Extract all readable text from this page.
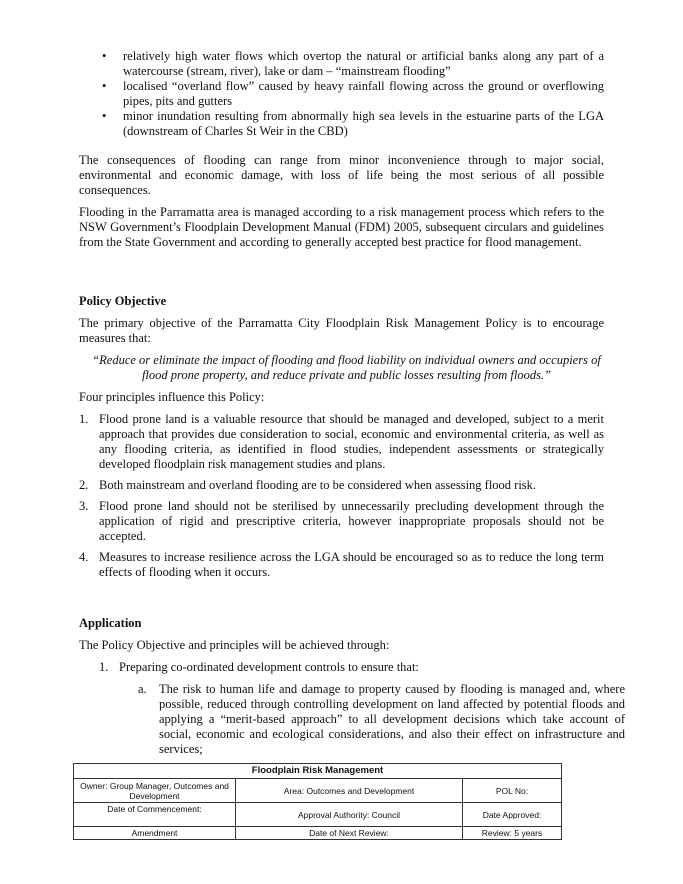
• relatively high water flows which overtop the natural or artificial banks along any part of a watercourse (stream, river), lake or dam – “mainstream flooding”
• localised “overland flow” caused by heavy rainfall flowing across the ground or overflowing pipes, pits and gutters
• minor inundation resulting from abnormally high sea levels in the estuarine parts of the LGA (downstream of Charles St Weir in the CBD)

The consequences of flooding can range from minor inconvenience through to major social, environmental and economic damage, with loss of life being the most serious of all possible consequences.

Flooding in the Parramatta area is managed according to a risk management process which refers to the NSW Government’s Floodplain Development Manual (FDM) 2005, subsequent circulars and guidelines from the State Government and according to generally accepted best practice for flood management.

Policy Objective

The primary objective of the Parramatta City Floodplain Risk Management Policy is to encourage measures that:

“Reduce or eliminate the impact of flooding and flood liability on individual owners and occupiers of flood prone property, and reduce private and public losses resulting from floods.”

Four principles influence this Policy:

1. Flood prone land is a valuable resource that should be managed and developed, subject to a merit approach that provides due consideration to social, economic and environmental criteria, as well as any flooding criteria, as identified in flood studies, independent assessments or strategically developed floodplain risk management studies and plans.
2. Both mainstream and overland flooding are to be considered when assessing flood risk.
3. Flood prone land should not be sterilised by unnecessarily precluding development through the application of rigid and prescriptive criteria, however inappropriate proposals should not be accepted.
4. Measures to increase resilience across the LGA should be encouraged so as to reduce the long term effects of flooding when it occurs.
Application

The Policy Objective and principles will be achieved through:

1. Preparing co-ordinated development controls to ensure that:

a. The risk to human life and damage to property caused by flooding is managed and, where possible, reduced through controlling development on land affected by potential floods and applying a “merit-based approach” to all development decisions which take account of social, economic and ecological considerations, and also their effect on infrastructure and services;

Floodplain Risk Management		
Owner: Group Manager, Outcomes and Development	Area: Outcomes and Development	POL No:
Date of Commencement:	Approval Authority: Council	Date Approved:
Amendment	Date of Next Review:	Review: 5 years
